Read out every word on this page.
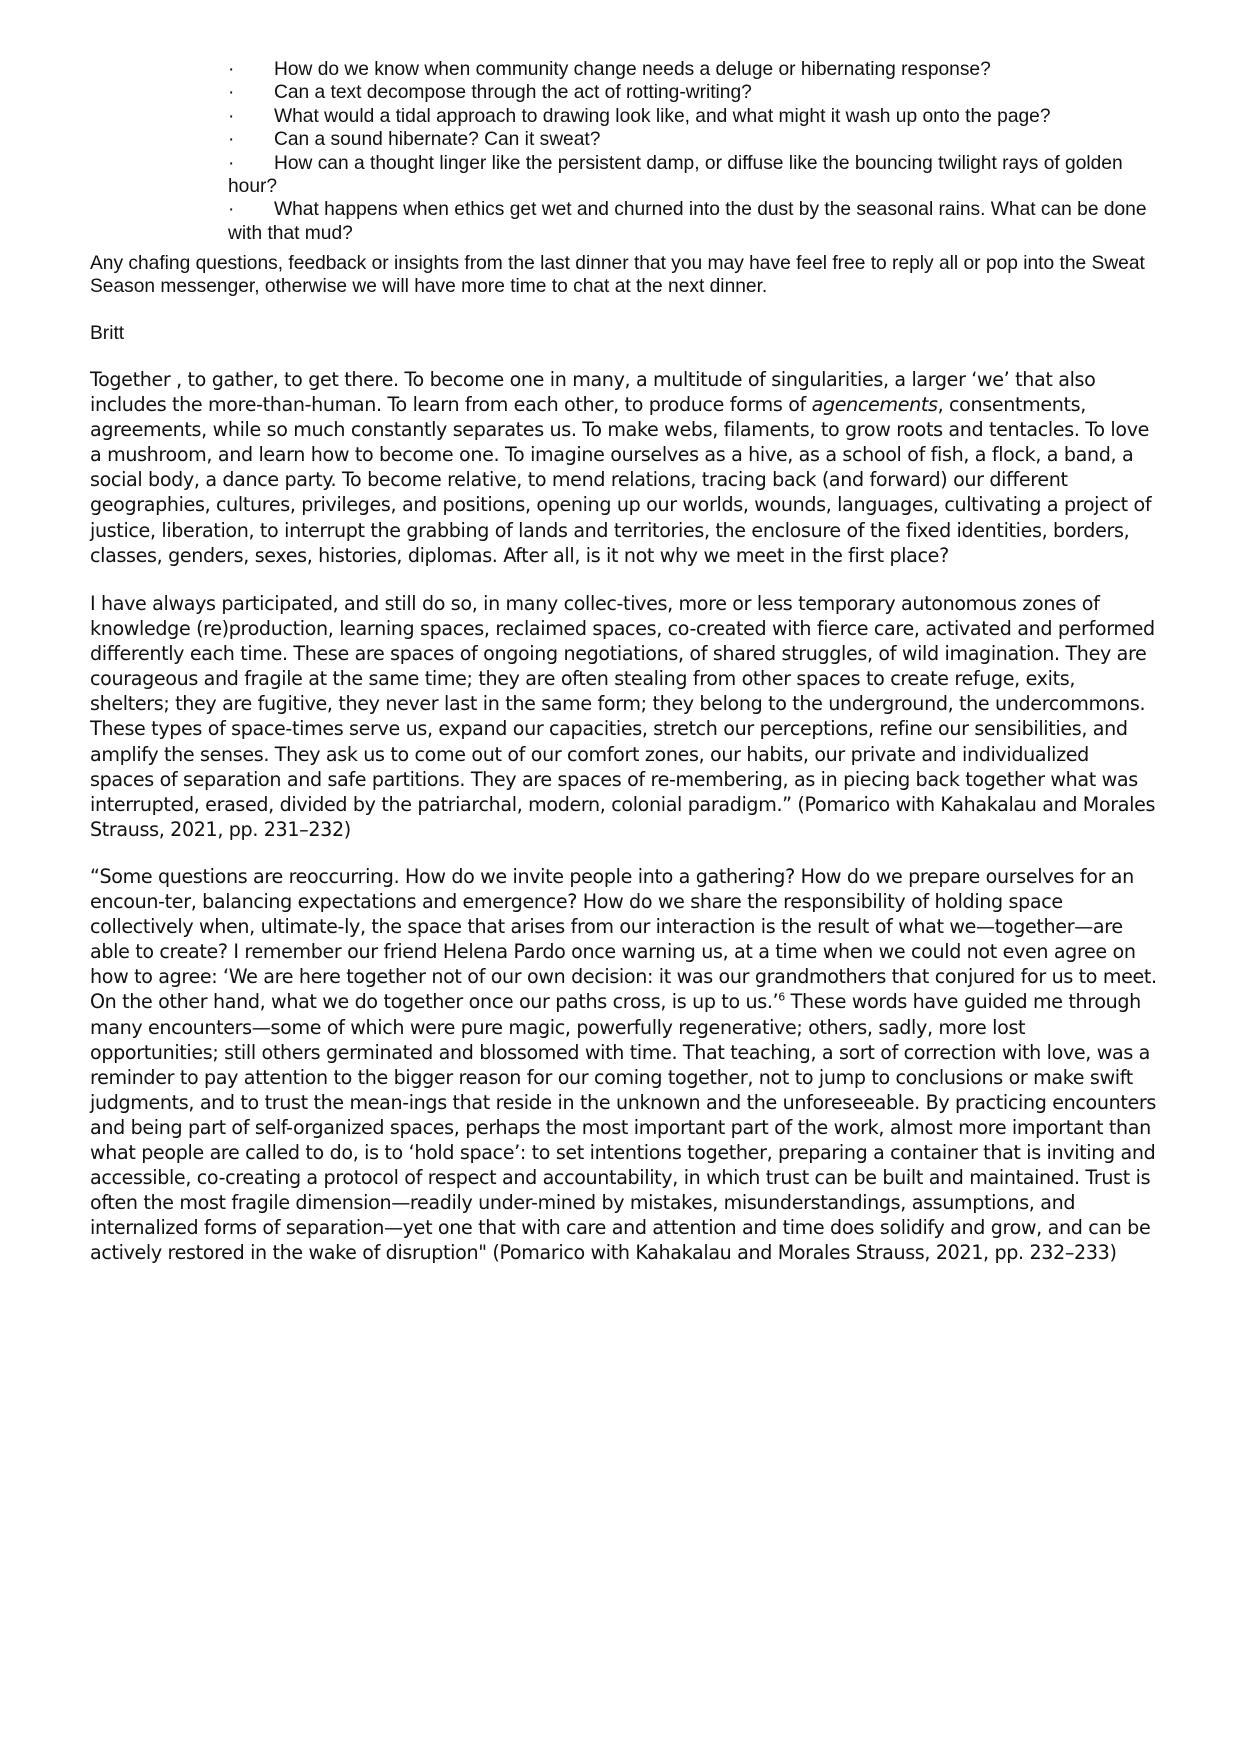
· How do we know when community change needs a deluge or hibernating response?
· Can a text decompose through the act of rotting-writing?
· What would a tidal approach to drawing look like, and what might it wash up onto the page?
· Can a sound hibernate? Can it sweat?
· How can a thought linger like the persistent damp, or diffuse like the bouncing twilight rays of golden hour?
· What happens when ethics get wet and churned into the dust by the seasonal rains. What can be done with that mud?

Any chafing questions, feedback or insights from the last dinner that you may have feel free to reply all or pop into the Sweat Season messenger, otherwise we will have more time to chat at the next dinner.

Britt

Together , to gather, to get there. To become one in many, a multitude of singularities, a larger ‘we’ that also includes the more-than-human. To learn from each other, to produce forms of agencements, consentments, agreements, while so much constantly separates us. To make webs, filaments, to grow roots and tentacles. To love a mushroom, and learn how to become one. To imagine ourselves as a hive, as a school of fish, a flock, a band, a social body, a dance party. To become relative, to mend relations, tracing back (and forward) our different geographies, cultures, privileges, and positions, opening up our worlds, wounds, languages, cultivating a project of justice, liberation, to interrupt the grabbing of lands and territories, the enclosure of the fixed identities, borders, classes, genders, sexes, histories, diplomas. After all, is it not why we meet in the first place?

I have always participated, and still do so, in many collec-tives, more or less temporary autonomous zones of knowledge (re)production, learning spaces, reclaimed spaces, co-created with fierce care, activated and performed differently each time. These are spaces of ongoing negotiations, of shared struggles, of wild imagination. They are courageous and fragile at the same time; they are often stealing from other spaces to create refuge, exits, shelters; they are fugitive, they never last in the same form; they belong to the underground, the undercommons. These types of space-times serve us, expand our capacities, stretch our perceptions, refine our sensibilities, and amplify the senses. They ask us to come out of our comfort zones, our habits, our private and individualized spaces of separation and safe partitions. They are spaces of re-membering, as in piecing back together what was interrupted, erased, divided by the patriarchal, modern, colonial paradigm.” (Pomarico with Kahakalau and Morales Strauss, 2021, pp. 231–232)

“Some questions are reoccurring. How do we invite people into a gathering? How do we prepare ourselves for an encoun-ter, balancing expectations and emergence? How do we share the responsibility of holding space collectively when, ultimate-ly, the space that arises from our interaction is the result of what we—together—are able to create? I remember our friend Helena Pardo once warning us, at a time when we could not even agree on how to agree: ‘We are here together not of our own decision: it was our grandmothers that conjured for us to meet. On the other hand, what we do together once our paths cross, is up to us.’$^6$ These words have guided me through many encounters—some of which were pure magic, powerfully regenerative; others, sadly, more lost opportunities; still others germinated and blossomed with time. That teaching, a sort of correction with love, was a reminder to pay attention to the bigger reason for our coming together, not to jump to conclusions or make swift judgments, and to trust the mean-ings that reside in the unknown and the unforeseeable. By practicing encounters and being part of self-organized spaces, perhaps the most important part of the work, almost more important than what people are called to do, is to ‘hold space’: to set intentions together, preparing a container that is inviting and accessible, co-creating a protocol of respect and accountability, in which trust can be built and maintained. Trust is often the most fragile dimension—readily under-mined by mistakes, misunderstandings, assumptions, and internalized forms of separation—yet one that with care and attention and time does solidify and grow, and can be actively restored in the wake of disruption" (Pomarico with Kahakalau and Morales Strauss, 2021, pp. 232–233)
